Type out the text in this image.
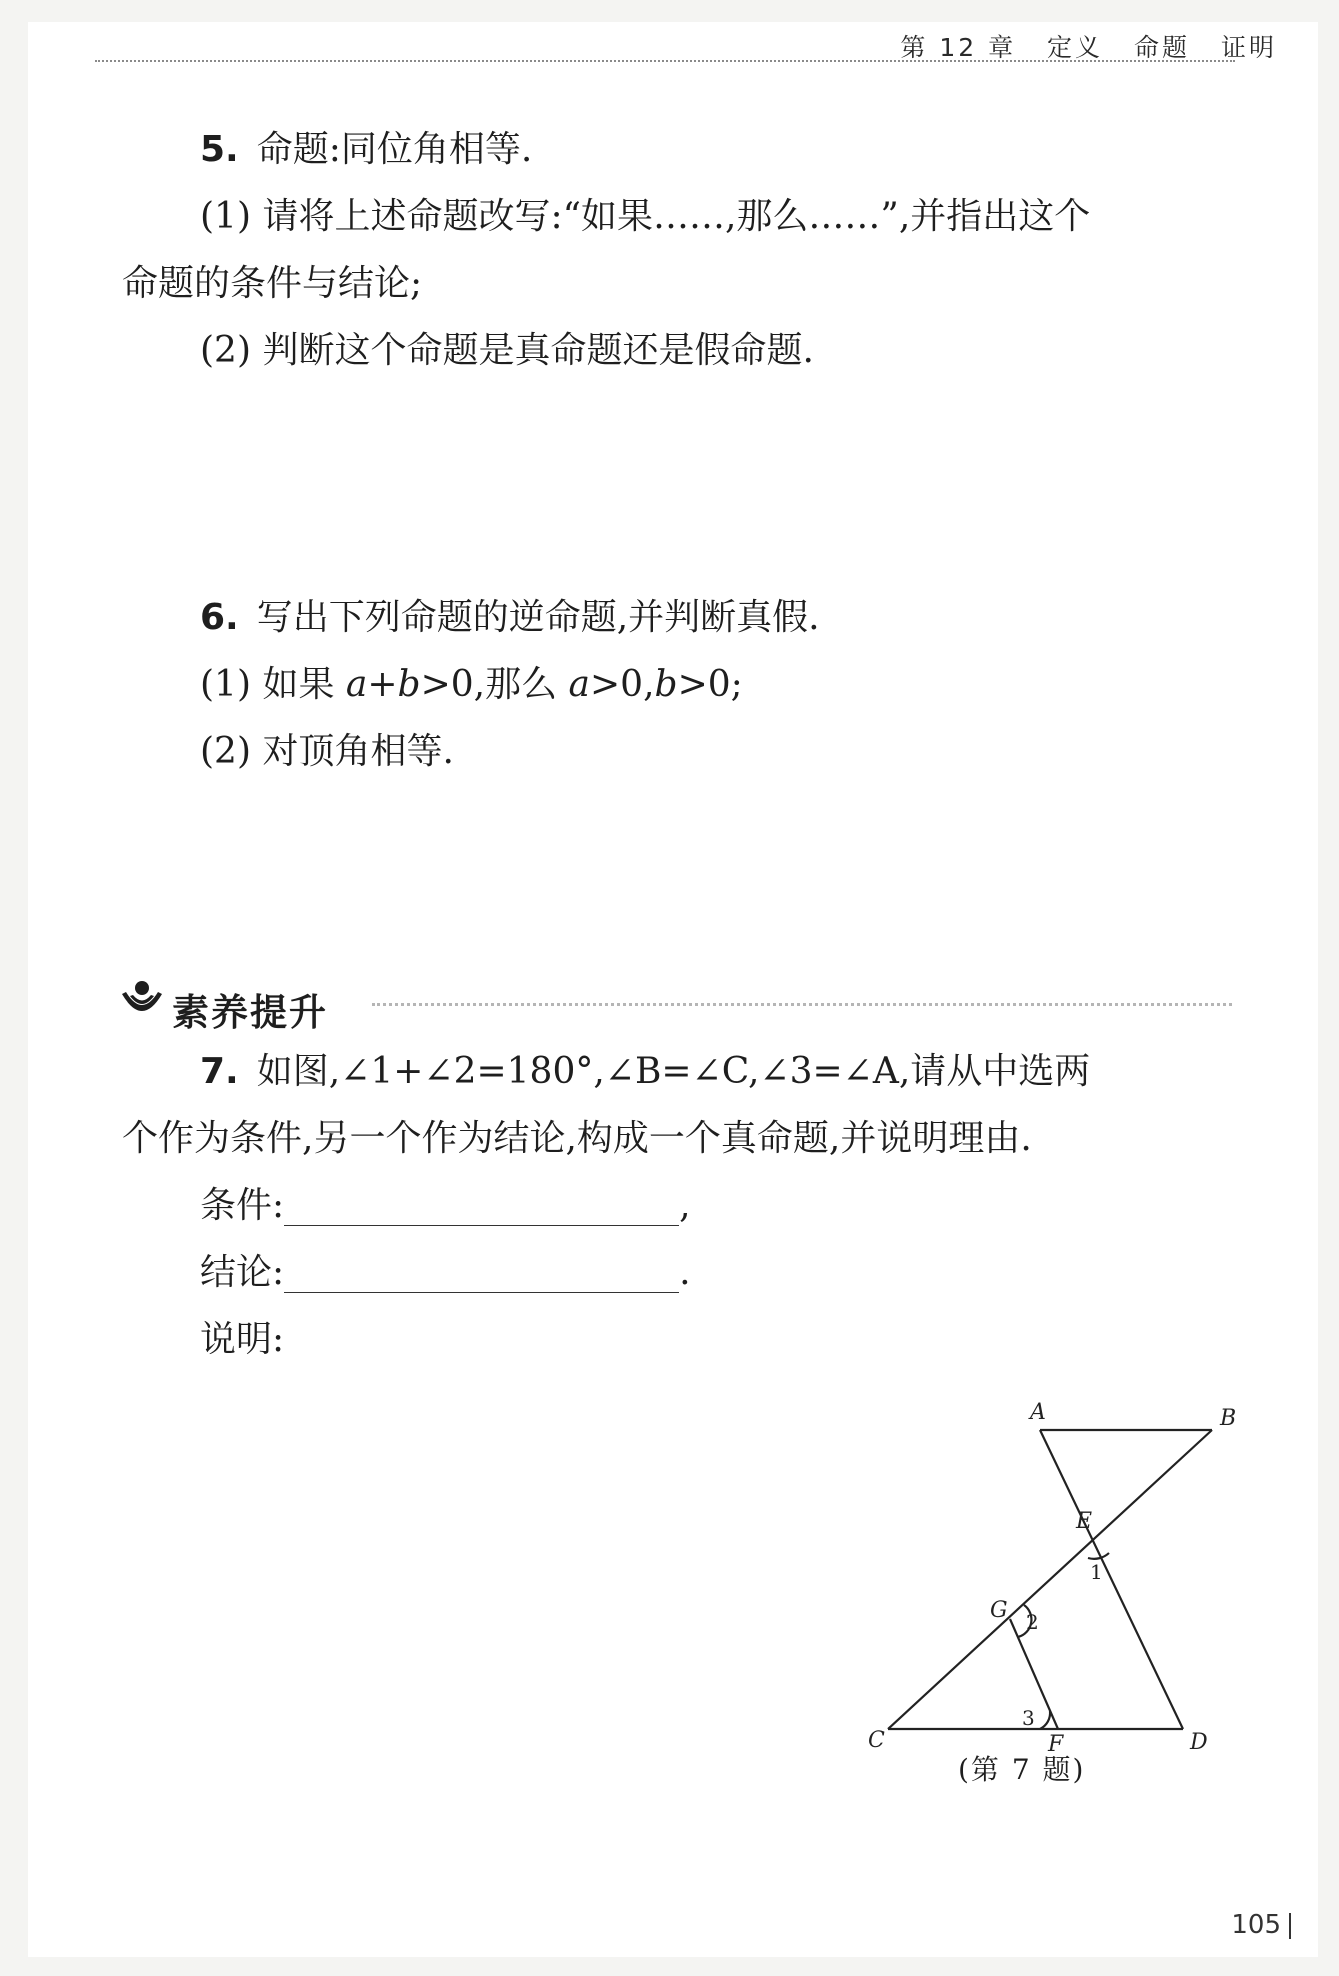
第 12 章 定义 命题 证明
5. 命题:同位角相等.
(1) 请将上述命题改写:“如果……,那么……”,并指出这个
命题的条件与结论;
(2) 判断这个命题是真命题还是假命题.
6. 写出下列命题的逆命题,并判断真假.
(1) 如果 a+b>0,那么 a>0,b>0;
(2) 对顶角相等.
素养提升
7. 如图,∠1+∠2=180°,∠B=∠C,∠3=∠A,请从中选两
个作为条件,另一个作为结论,构成一个真命题,并说明理由.
条件:	,
结论:	.
说明:
A	B
C	D
E
F
G
1
2
3
(第 7 题)
105
